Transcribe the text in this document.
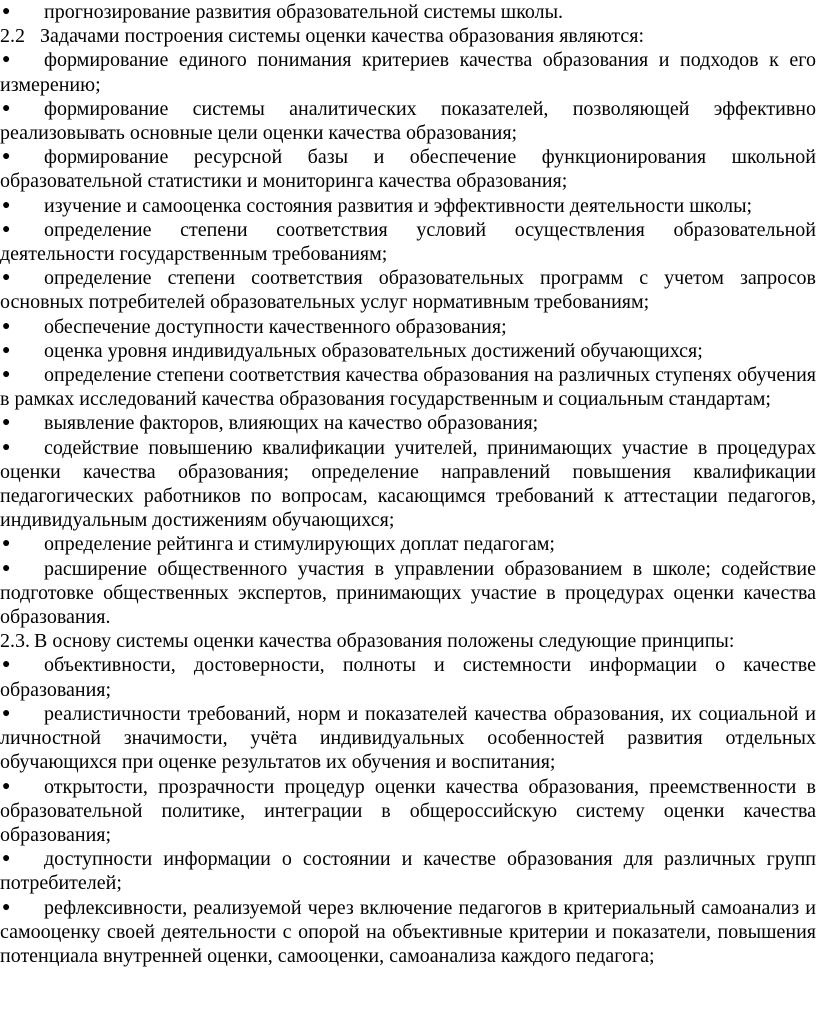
● прогнозирование развития образовательной системы школы.

2.2 Задачами построения системы оценки качества образования являются:

● формирование единого понимания критериев качества образования и подходов к его измерению;

● формирование системы аналитических показателей, позволяющей эффективно реализовывать основные цели оценки качества образования;

● формирование ресурсной базы и обеспечение функционирования школьной образовательной статистики и мониторинга качества образования;

● изучение и самооценка состояния развития и эффективности деятельности школы;

● определение степени соответствия условий осуществления образовательной деятельности государственным требованиям;

● определение степени соответствия образовательных программ с учетом запросов основных потребителей образовательных услуг нормативным требованиям;

● обеспечение доступности качественного образования;

● оценка уровня индивидуальных образовательных достижений обучающихся;

● определение степени соответствия качества образования на различных ступенях обучения в рамках исследований качества образования государственным и социальным стандартам;

● выявление факторов, влияющих на качество образования;

● содействие повышению квалификации учителей, принимающих участие в процедурах оценки качества образования; определение направлений повышения квалификации педагогических работников по вопросам, касающимся требований к аттестации педагогов, индивидуальным достижениям обучающихся;

● определение рейтинга и стимулирующих доплат педагогам;

● расширение общественного участия в управлении образованием в школе; содействие подготовке общественных экспертов, принимающих участие в процедурах оценки качества образования.

2.3. В основу системы оценки качества образования положены следующие принципы:

● объективности, достоверности, полноты и системности информации о качестве образования;

● реалистичности требований, норм и показателей качества образования, их социальной и личностной значимости, учёта индивидуальных особенностей развития отдельных обучающихся при оценке результатов их обучения и воспитания;

● открытости, прозрачности процедур оценки качества образования, преемственности в образовательной политике, интеграции в общероссийскую систему оценки качества образования;

● доступности информации о состоянии и качестве образования для различных групп потребителей;

● рефлексивности, реализуемой через включение педагогов в критериальный самоанализ и самооценку своей деятельности с опорой на объективные критерии и показатели, повышения потенциала внутренней оценки, самооценки, самоанализа каждого педагога;
